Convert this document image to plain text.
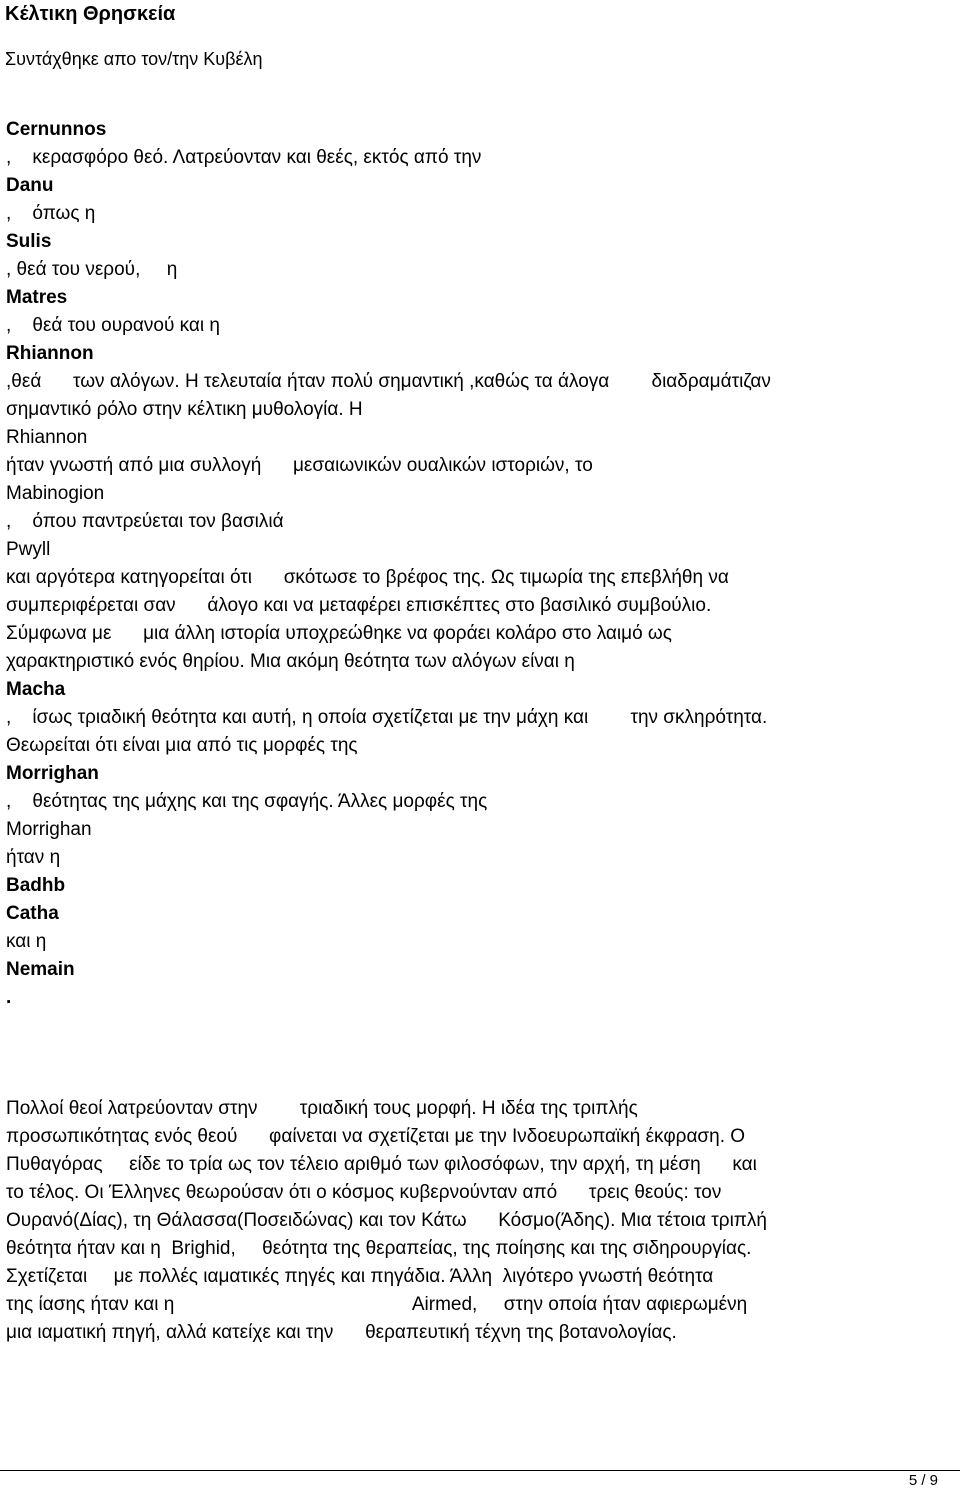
Κέλτικη Θρησκεία
Συντάχθηκε απο τον/την Κυβέλη
Cernunnos
,    κερασφόρο θεό. Λατρεύονταν και θεές, εκτός από την
Danu
,    όπως η
Sulis
, θεά του νερού,     η
Matres
,    θεά του ουρανού και η
Rhiannon
,θεά      των αλόγων. Η τελευταία ήταν πολύ σημαντική ,καθώς τα άλογα        διαδραμάτιζαν
σημαντικό ρόλο στην κέλτικη μυθολογία. Η
Rhiannon
ήταν γνωστή από μια συλλογή      μεσαιωνικών ουαλικών ιστοριών, το
Mabinogion
,    όπου παντρεύεται τον βασιλιά
Pwyll
και αργότερα κατηγορείται ότι      σκότωσε το βρέφος της. Ως τιμωρία της επεβλήθη να
συμπεριφέρεται σαν      άλογο και να μεταφέρει επισκέπτες στο βασιλικό συμβούλιο.
Σύμφωνα με      μια άλλη ιστορία υποχρεώθηκε να φοράει κολάρο στο λαιμό ως
χαρακτηριστικό ενός θηρίου. Μια ακόμη θεότητα των αλόγων είναι η
Macha
,    ίσως τριαδική θεότητα και αυτή, η οποία σχετίζεται με την μάχη και        την σκληρότητα.
Θεωρείται ότι είναι μια από τις μορφές της
Morrighan
,    θεότητας της μάχης και της σφαγής. Άλλες μορφές της
Morrighan
ήταν η
Badhb
Catha
και η
Nemain
.
Πολλοί θεοί λατρεύονταν στην        τριαδική τους μορφή. Η ιδέα της τριπλής
προσωπικότητας ενός θεού      φαίνεται να σχετίζεται με την Ινδοευρωπαϊκή έκφραση. Ο
Πυθαγόρας     είδε το τρία ως τον τέλειο αριθμό των φιλοσόφων, την αρχή, τη μέση      και
το τέλος. Οι Έλληνες θεωρούσαν ότι ο κόσμος κυβερνούνταν από      τρεις θεούς: τον
Ουρανό(Δίας), τη Θάλασσα(Ποσειδώνας) και τον Κάτω      Κόσμο(Άδης). Μια τέτοια τριπλή
θεότητα ήταν και η  Brighid,     θεότητα της θεραπείας, της ποίησης και της σιδηρουργίας.
Σχετίζεται     με πολλές ιαματικές πηγές και πηγάδια. Άλλη  λιγότερο γνωστή θεότητα
της ίασης ήταν και η                                             Airmed,     στην οποία ήταν αφιερωμένη
μια ιαματική πηγή, αλλά κατείχε και την      θεραπευτική τέχνη της βοτανολογίας.
5 / 9
